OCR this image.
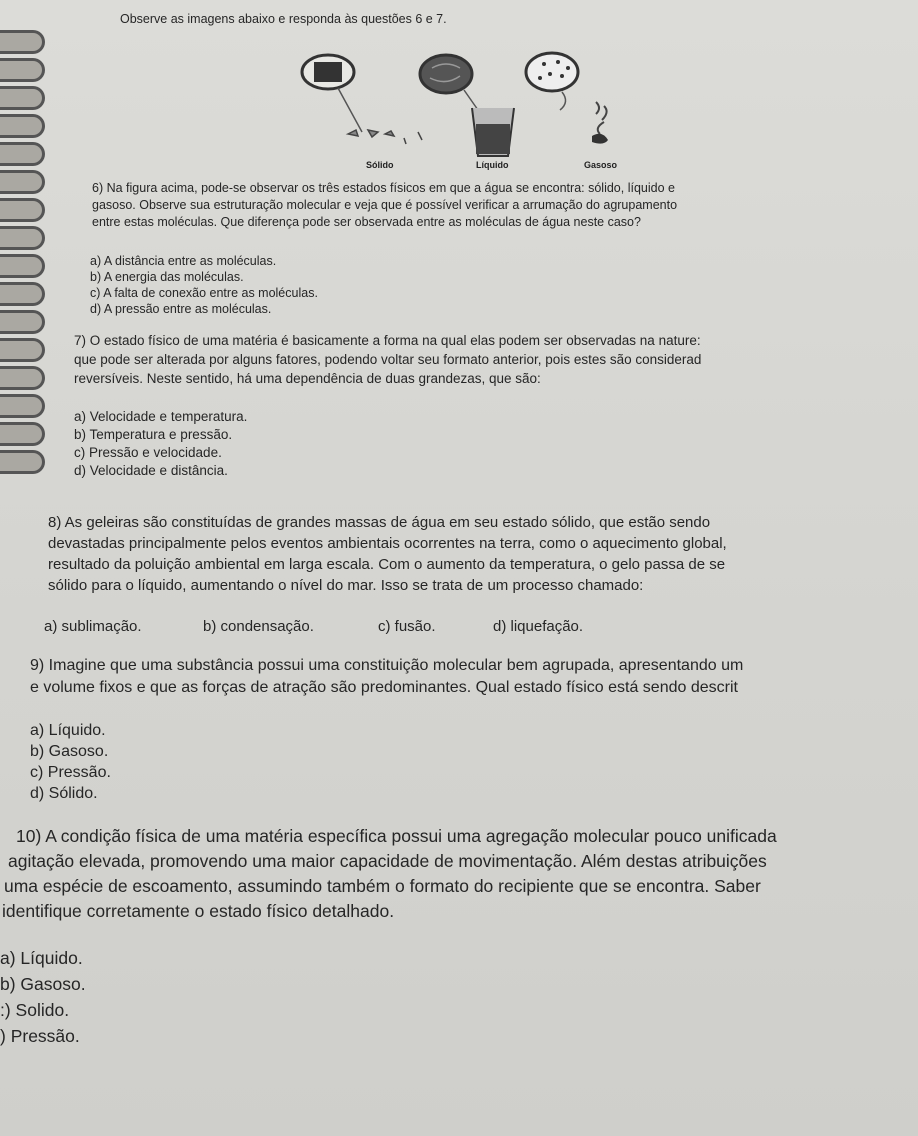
Observe as imagens abaixo e responda às questões 6 e 7.
Sólido	Líquido	Gasoso
6) Na figura acima, pode-se observar os três estados físicos em que a água se encontra: sólido, líquido e
gasoso. Observe sua estruturação molecular e veja que é possível verificar a arrumação do agrupamento
entre estas moléculas. Que diferença pode ser observada entre as moléculas de água neste caso?
a) A distância entre as moléculas.
b) A energia das moléculas.
c) A falta de conexão entre as moléculas.
d) A pressão entre as moléculas.
7) O estado físico de uma matéria é basicamente a forma na qual elas podem ser observadas na nature:
que pode ser alterada por alguns fatores, podendo voltar seu formato anterior, pois estes são considerad
reversíveis. Neste sentido, há uma dependência de duas grandezas, que são:
a) Velocidade e temperatura.
b) Temperatura e pressão.
c) Pressão e velocidade.
d) Velocidade e distância.
8) As geleiras são constituídas de grandes massas de água em seu estado sólido, que estão sendo
devastadas principalmente pelos eventos ambientais ocorrentes na terra, como o aquecimento global,
resultado da poluição ambiental em larga escala. Com o aumento da temperatura, o gelo passa de se
sólido para o líquido, aumentando o nível do mar. Isso se trata de um processo chamado:
a) sublimação.	b) condensação.	c) fusão.	d) liquefação.
9) Imagine que uma substância possui uma constituição molecular bem agrupada, apresentando um
e volume fixos e que as forças de atração são predominantes. Qual estado físico está sendo descrit
a) Líquido.
b) Gasoso.
c) Pressão.
d) Sólido.
10) A condição física de uma matéria específica possui uma agregação molecular pouco unificada
agitação elevada, promovendo uma maior capacidade de movimentação. Além destas atribuições
uma espécie de escoamento, assumindo também o formato do recipiente que se encontra. Saber
identifique corretamente o estado físico detalhado.
a) Líquido.
b) Gasoso.
:) Solido.
) Pressão.
